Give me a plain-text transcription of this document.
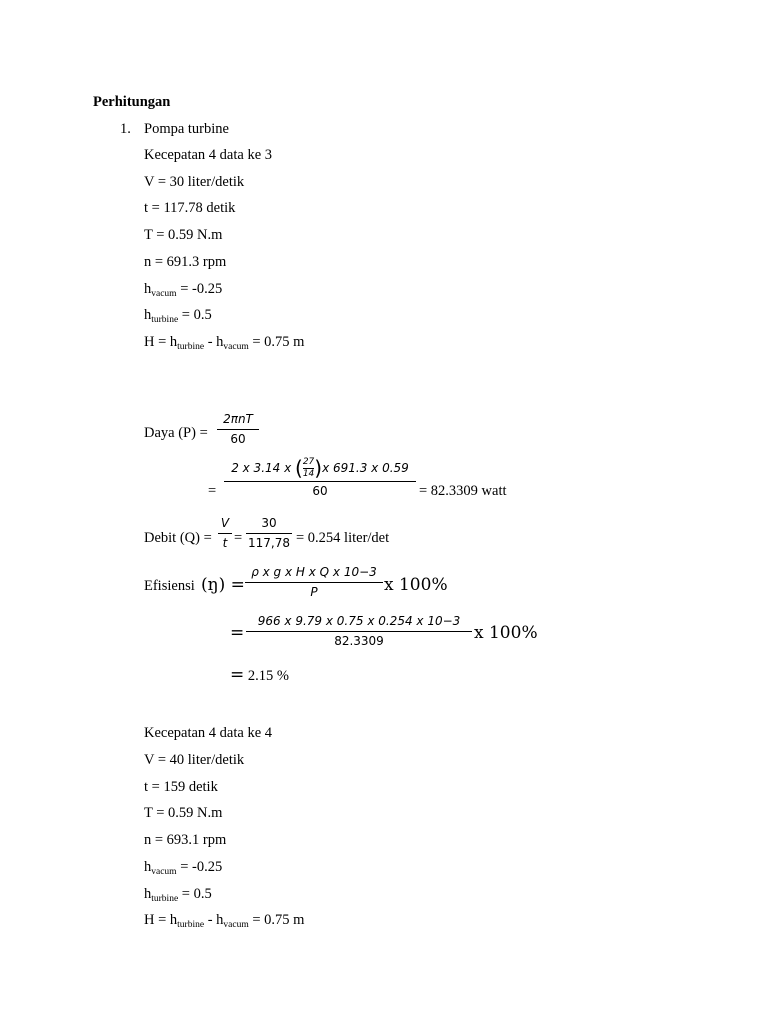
Perhitungan
1. Pompa turbine
Kecepatan 4 data ke 3
V = 30 liter/detik
t = 117.78 detik
T = 0.59 N.m
n = 691.3 rpm
$h_{vacum} = -0.25$
$h_{turbine} = 0.5$
$H = h_{turbine} - h_{vacum} = 0.75$ m
Daya (P) =
2πnT
60
=
2 x 3.14 x $(\frac{27}{14})x$ 691.3 x 0.59
60	= 82.3309 watt
Debit (Q) =
V
t =
30
117,78 = 0.254 liter/det
Efisiensi (ŋ) =
ρ x g x H x Q x 10−3
P	x 100%
=
966 x 9.79 x 0.75 x 0.254 x 10−3
82.3309	x 100%
= 2.15 %
Kecepatan 4 data ke 4
V = 40 liter/detik
t = 159 detik
T = 0.59 N.m
n = 693.1 rpm
$h_{vacum} = -0.25$
$h_{turbine} = 0.5$
$H = h_{turbine} - h_{vacum} = 0.75$ m
